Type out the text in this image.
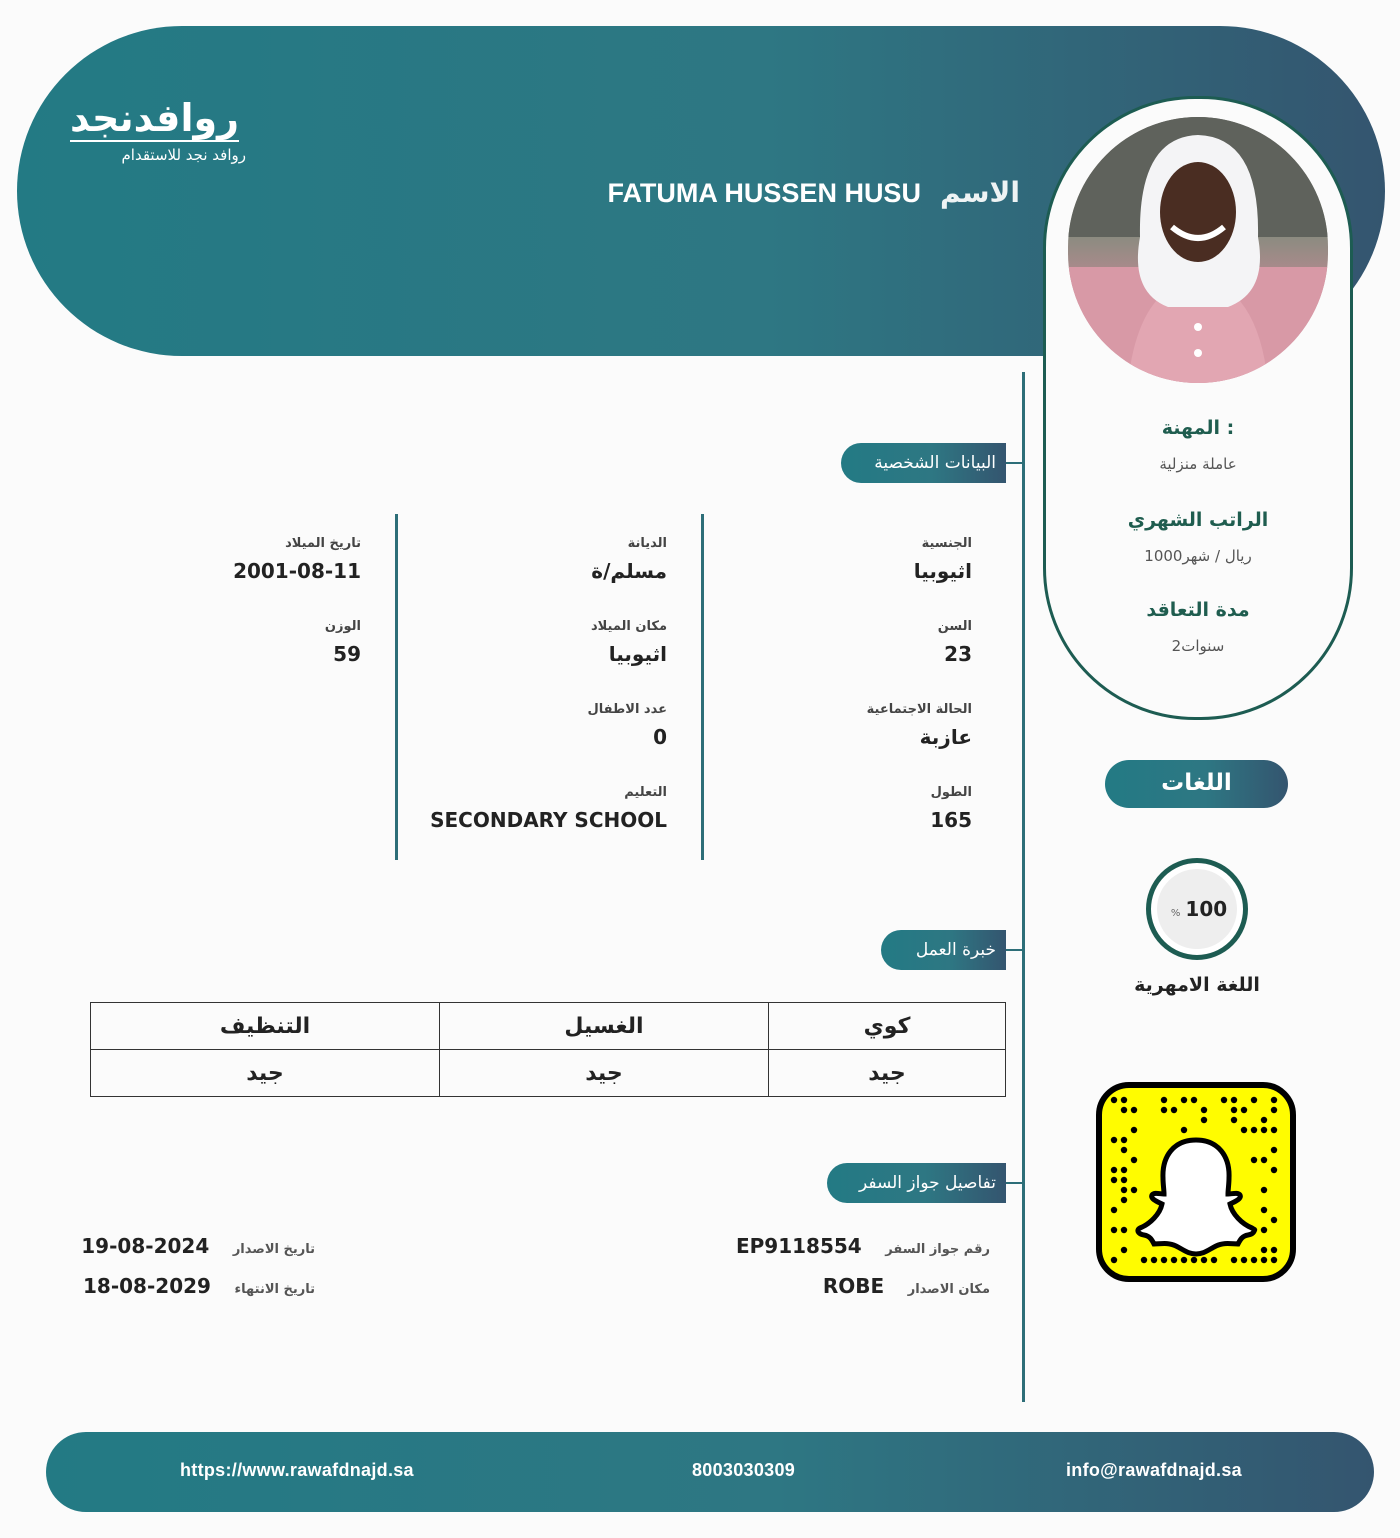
روافدنجد
روافد نجد للاستقدام
FATUMA HUSSEN HUSU الاسم
المهنة :
عاملة منزلية
الراتب الشهري
1000ريال / شهر
مدة التعاقد
2سنوات
البيانات الشخصية
الجنسية
اثيوبيا
السن
23
الحالة الاجتماعية
عازبة
الطول
165
الديانة
مسلم/ة
مكان الميلاد
اثيوبيا
عدد الاطفال
0
التعليم
SECONDARY SCHOOL
تاريخ الميلاد
2001-08-11
الوزن
59
خبرة العمل
التنظيف	الغسيل	كوي
جيد	جيد	جيد
تفاصيل جواز السفر
رقم جواز السفر EP9118554
مكان الاصدار ROBE
تاريخ الاصدار 2024-08-19
تاريخ الانتهاء 2029-08-18
اللغات
% 100
اللغة الامهرية
https://www.rawafdnajd.sa	8003030309	info@rawafdnajd.sa
